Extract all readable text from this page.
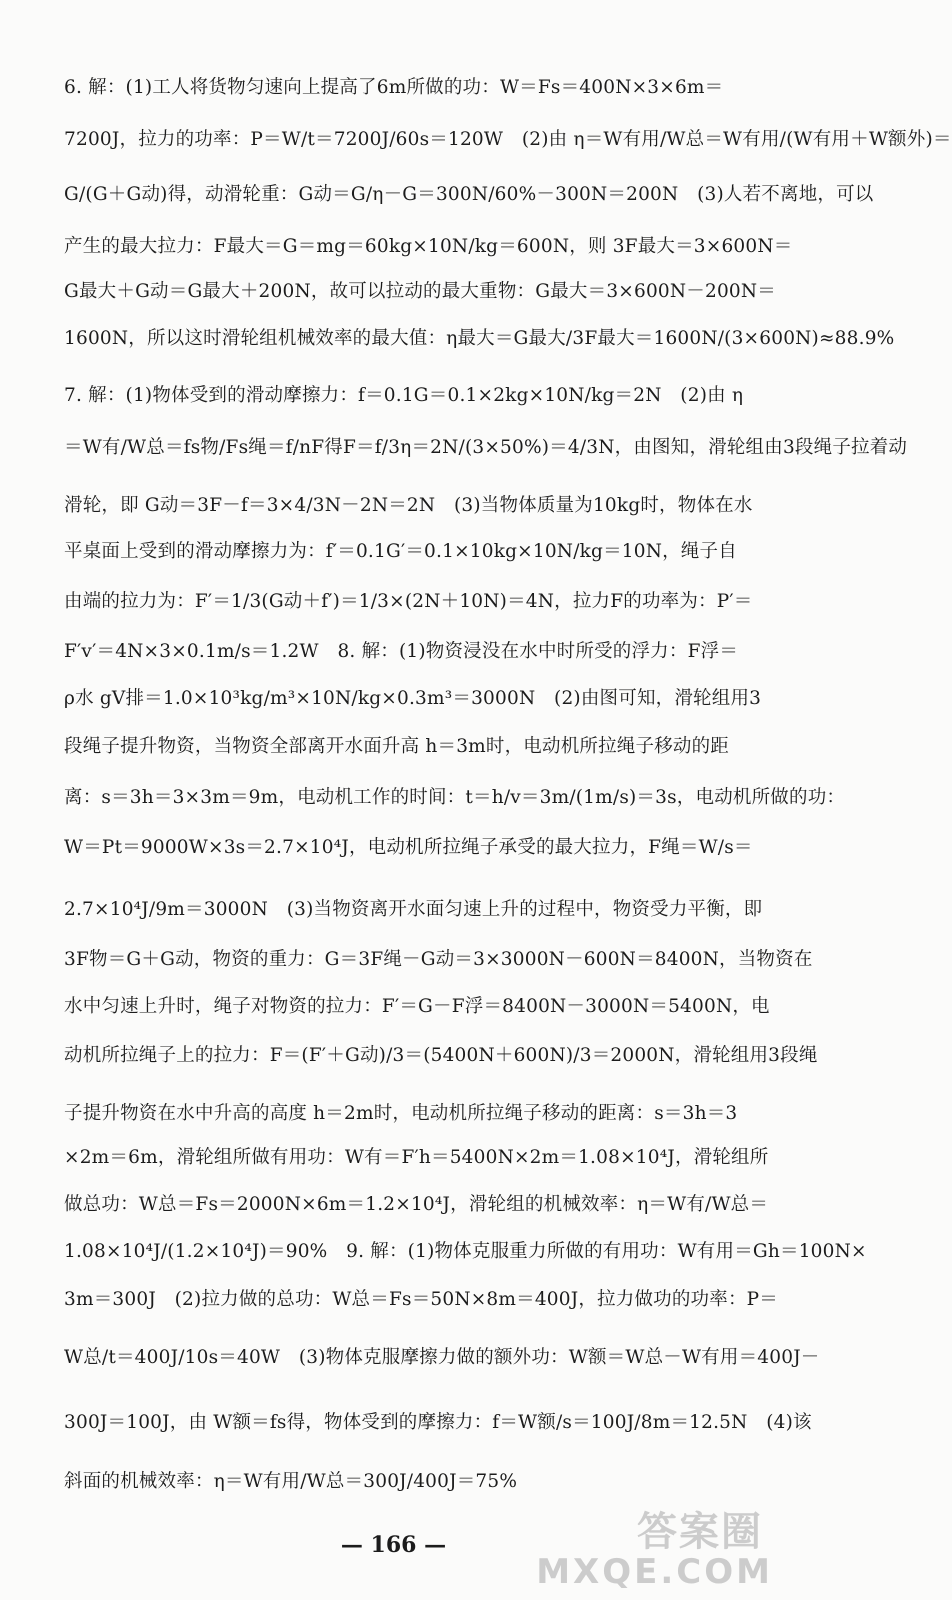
6. 解：(1)工人将货物匀速向上提高了6m所做的功：W＝Fs＝400N×3×6m＝
7200J，拉力的功率：P＝W/t＝7200J/60s＝120W　(2)由 η＝W有用/W总＝W有用/(W有用＋W额外)＝
G/(G＋G动)得，动滑轮重：G动＝G/η－G＝300N/60%－300N＝200N　(3)人若不离地，可以
产生的最大拉力：F最大＝G＝mg＝60kg×10N/kg＝600N，则 3F最大＝3×600N＝
G最大＋G动＝G最大＋200N，故可以拉动的最大重物：G最大＝3×600N－200N＝
1600N，所以这时滑轮组机械效率的最大值：η最大＝G最大/3F最大＝1600N/(3×600N)≈88.9%
7. 解：(1)物体受到的滑动摩擦力：f＝0.1G＝0.1×2kg×10N/kg＝2N　(2)由 η
＝W有/W总＝fs物/Fs绳＝f/nF得F＝f/3η＝2N/(3×50%)＝4/3N，由图知，滑轮组由3段绳子拉着动
滑轮，即 G动＝3F－f＝3×4/3N－2N＝2N　(3)当物体质量为10kg时，物体在水
平桌面上受到的滑动摩擦力为：f′＝0.1G′＝0.1×10kg×10N/kg＝10N，绳子自
由端的拉力为：F′＝1/3(G动＋f′)＝1/3×(2N＋10N)＝4N，拉力F的功率为：P′＝
F′v′＝4N×3×0.1m/s＝1.2W　8. 解：(1)物资浸没在水中时所受的浮力：F浮＝
ρ水 gV排＝1.0×10³kg/m³×10N/kg×0.3m³＝3000N　(2)由图可知，滑轮组用3
段绳子提升物资，当物资全部离开水面升高 h＝3m时，电动机所拉绳子移动的距
离：s＝3h＝3×3m＝9m，电动机工作的时间：t＝h/v＝3m/(1m/s)＝3s，电动机所做的功：
W＝Pt＝9000W×3s＝2.7×10⁴J，电动机所拉绳子承受的最大拉力，F绳＝W/s＝
2.7×10⁴J/9m＝3000N　(3)当物资离开水面匀速上升的过程中，物资受力平衡，即
3F物＝G＋G动，物资的重力：G＝3F绳－G动＝3×3000N－600N＝8400N，当物资在
水中匀速上升时，绳子对物资的拉力：F′＝G－F浮＝8400N－3000N＝5400N，电
动机所拉绳子上的拉力：F＝(F′＋G动)/3＝(5400N＋600N)/3＝2000N，滑轮组用3段绳
子提升物资在水中升高的高度 h＝2m时，电动机所拉绳子移动的距离：s＝3h＝3
×2m＝6m，滑轮组所做有用功：W有＝F′h＝5400N×2m＝1.08×10⁴J，滑轮组所
做总功：W总＝Fs＝2000N×6m＝1.2×10⁴J，滑轮组的机械效率：η＝W有/W总＝
1.08×10⁴J/(1.2×10⁴J)＝90%　9. 解：(1)物体克服重力所做的有用功：W有用＝Gh＝100N×
3m＝300J　(2)拉力做的总功：W总＝Fs＝50N×8m＝400J，拉力做功的功率：P＝
W总/t＝400J/10s＝40W　(3)物体克服摩擦力做的额外功：W额＝W总－W有用＝400J－
300J＝100J，由 W额＝fs得，物体受到的摩擦力：f＝W额/s＝100J/8m＝12.5N　(4)该
斜面的机械效率：η＝W有用/W总＝300J/400J＝75%
— 166 —	答案圈
MXQE.COM
